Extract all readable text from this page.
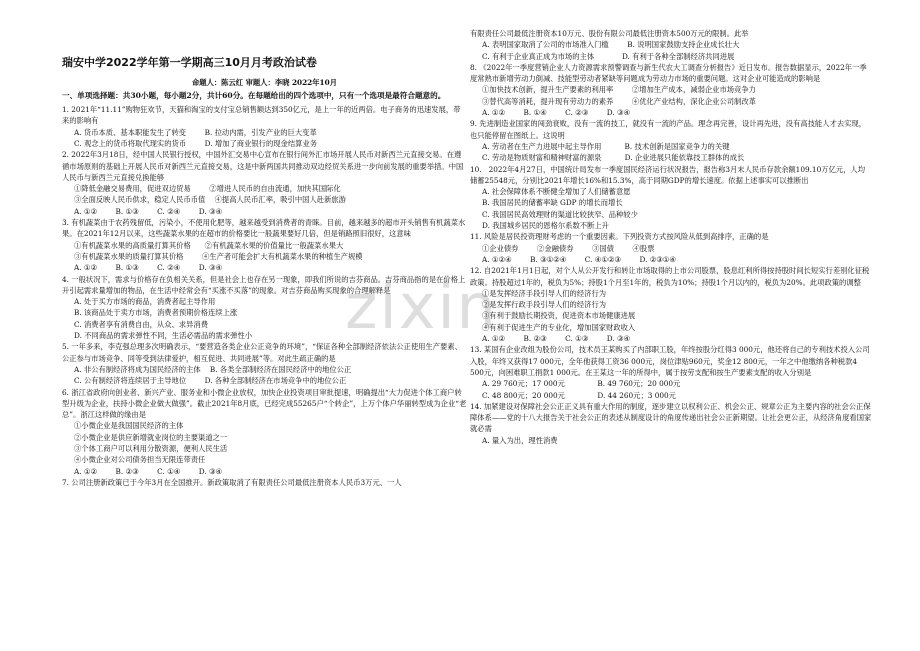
zixin
瑞安中学2022学年第一学期高三10月月考政治试卷
命题人：陈云红 审题人：李晓 2022年10月
一、单项选择题：共30小题，每小题2分，共计60分。在每题给出的四个选项中，只有一个选项是最符合题意的。
1. 2021年“11.11”购物狂欢节，天猫和淘宝的支付宝总销售额达到350亿元，是上一年的近两倍。电子商务的迅速发展，带来的影响有
A. 货币本质、基本职能发生了转变        B. 拉动内需，引发产业的巨大变革
C. 观念上的货币将取代现实的货币        D. 增加了商业银行的现金结算业务
2. 2022年3月18日，经中国人民银行授权，中国外汇交易中心宣布在银行间外汇市场开展人民币对新西兰元直接交易。在遵循市场原则的基础上开展人民币对新西兰元直接交易，这是中新两国共同推动双边经贸关系进一步向前发展的重要举措。中国人民币与新西兰元直接兑换能够
①降低金融交易费用，促进双边贸易        ②增进人民币的自由流通，加快其国际化
③全面反映人民币供求，稳定人民币币值    ④提高人民币汇率，吸引中国人赴新旅游
A. ①②        B. ①③        C. ②④        D. ③④
3. 有机蔬菜由于农药残留低，污染小，不使用化肥等，越来越受到消费者的青睐。目前，越来越多的超市开头销售有机蔬菜水果。在2021年12月以来，这些蔬菜水果的在超市的价格要比一般蔬果要好几倍，但是销路照旧很好，这意味
①有机蔬菜水果的高质量打算其价格      ②有机蔬菜水果的价值量比一般蔬菜水果大
③有机蔬菜水果的质量打算其价格        ④生产者可能会扩大有机蔬菜水果的种植生产规模
A. ①②        B. ①③        C. ②④        D. ③④
4. 一般状况下，需求与价格存在负相关关系，但是社会上也存在另一现象，即我们所说的吉芬商品。吉芬商品指的是在价格上升引起需求量增加的物品，在生活中经常会有“买涨不买落”的现象。对吉芬商品购买现象的合理解释是
A. 处于买方市场的商品，消费者起主导作用
B. 该商品处于卖方市场，消费者预期价格连续上涨
C. 消费者享有消费自由，从众、求异消费
D. 不同商品的需求弹性不同，生活必需品的需求弹性小
5. 一年多来，李克强总理多次明确表示，“要营造各类企业公正竞争的环境”，“保证各种全部制经济依法公正使用生产要素、公正参与市场竞争、同等受到法律爱护，相互促进、共同进展”等。对此生疏正确的是
A. 非公有制经济将成为国民经济的主体    B. 各类全部制经济在国民经济中的地位公正
C. 公有制经济将连续居于主导地位        D. 各种全部制经济在市场竞争中的地位公正
6. 浙江省政府向创业者、新兴产业、服务业和小微企业放权，加快企业投资项目审批提速，明确提出“大力促进个体工商户转型升级为企业，扶持小微企业做大做强”。截止2021年8月底，已经完成55265户“个转企”，上万个体户华丽转型成为企业“老总”。浙江这样做的缘由是
①小微企业是我国国民经济的主体
②小微企业是供应新增就业岗位的主要渠道之一
③个体工商户可以利用分散资源，便利人民生活
④小微企业对公司债务担当无限连带责任
A. ①②        B. ②③        C. ①④        D. ③④
7. 公司注册新政策已于今年3月在全国推开。新政策取消了有限责任公司最低注册资本人民币3万元、一人
有限责任公司最低注册资本10万元、股份有限公司最低注册资本500万元的限制。此举
A. 表明国家取消了公司的市场准入门槛        B. 说明国家鼓励支持企业成长壮大
C. 有利于企业真正成为市场的主体            D. 有利于各种全部制经济共同进展
8. 《2022年一季度营销企业人力资源需求预警调查与新生代农大工调查分析报告》近日发布。报告数据显示，2022年一季度常熟市新增劳动力倒减、技能型劳动者紧缺等问题成为劳动力市场的重要问题。这对企业可能造成的影响是
①加快技术创新，提升生产要素的利用率        ②增加生产成本，减弱企业市场竞争力
③替代高等消耗，提升现有劳动力的素养        ④优化产业结构，深化企业公司制改革
A. ①②        B. ①④        C. ②③        D. ③④
9. 先进制造业国家的闯劲衰败，没有一流的技工，就没有一流的产品。理念再完善，设计再先进，没有高技能人才去实现，也只能停留在图纸上。这说明
A. 劳动者在生产力进展中起主导作用          B. 技术创新是国家竞争力的关键
C. 劳动是物质财富和精神财富的源泉          D. 企业进展只能依靠技工群体的成长
10.   2022年4月27日，中国统计局发布一季度国民经济运行状况报告，报告称3月末人民币存款余额109.10万亿元，人均储蓄25548元，分别比2021年增长16%和15.3%，高于同期GDP的增长速度。依据上述事实可以推断出
A. 社会保障体系不断健全增加了人们储蓄意愿
B. 我国居民的储蓄率缺 GDP 的增长而增长
C. 我国居民高效理财的渠道比较狭窄、品种较少
D. 我国城乡居民的恩格尔系数不断上升
11. 风险是居民投资理财考虑的一个重要因素。下列投资方式按风险从低到高排序，正确的是
①企业债券        ②金融债券        ③国债        ④股票
A. ①②④        B. ③①②④        C. ④①②③        D. ②③①④
12. 自2021年1月1日起，对个人从公开发行和转让市场取得的上市公司股票，股息红利所得按持股时间长短实行差别化征税政策。持股超过1年的，税负为5%；持股1个月至1年的，税负为10%；持股1个月以内的，税负为20%。此项政策的调整
①是发挥经济手段引导人们的经济行为
②是发挥行政手段引导人们的经济行为
③有利于鼓励长期投资，促进资本市场健康进展
④有利于促进生产的专业化，增加国家财政收入
A. ①②        B. ②③        C. ①③        D. ③④
13. 某国有企业改组为股份公司，技术员王某购买了内部职工股，年终按股分红得3 000元，他还将自己的专利技术投入公司入股，年终又获得17 000元，全年他获得工资36 000元，岗位津贴960元，奖金12 800元，一年之中他缴纳各种税款4 500元，向困难职工捐款1 000元。在王某这一年的所得中，属于按劳支配和按生产要素支配的收入分别是
A. 29 760元；17 000元              B. 49 760元；20 000元
C. 48 800元；20 000元              D. 44 260元；3 000元
14. 加紧建设对保障社会公正正义具有重大作用的制度，逐步建立以权利公正、机会公正、规章公正为主要内容的社会公正保障体系——党的十八大报告关于社会公正的表述从制度设计的角度传递出社会公正新期望。让社会更公正，从经济角度看国家就必需
A. 量入为出，理性消费
